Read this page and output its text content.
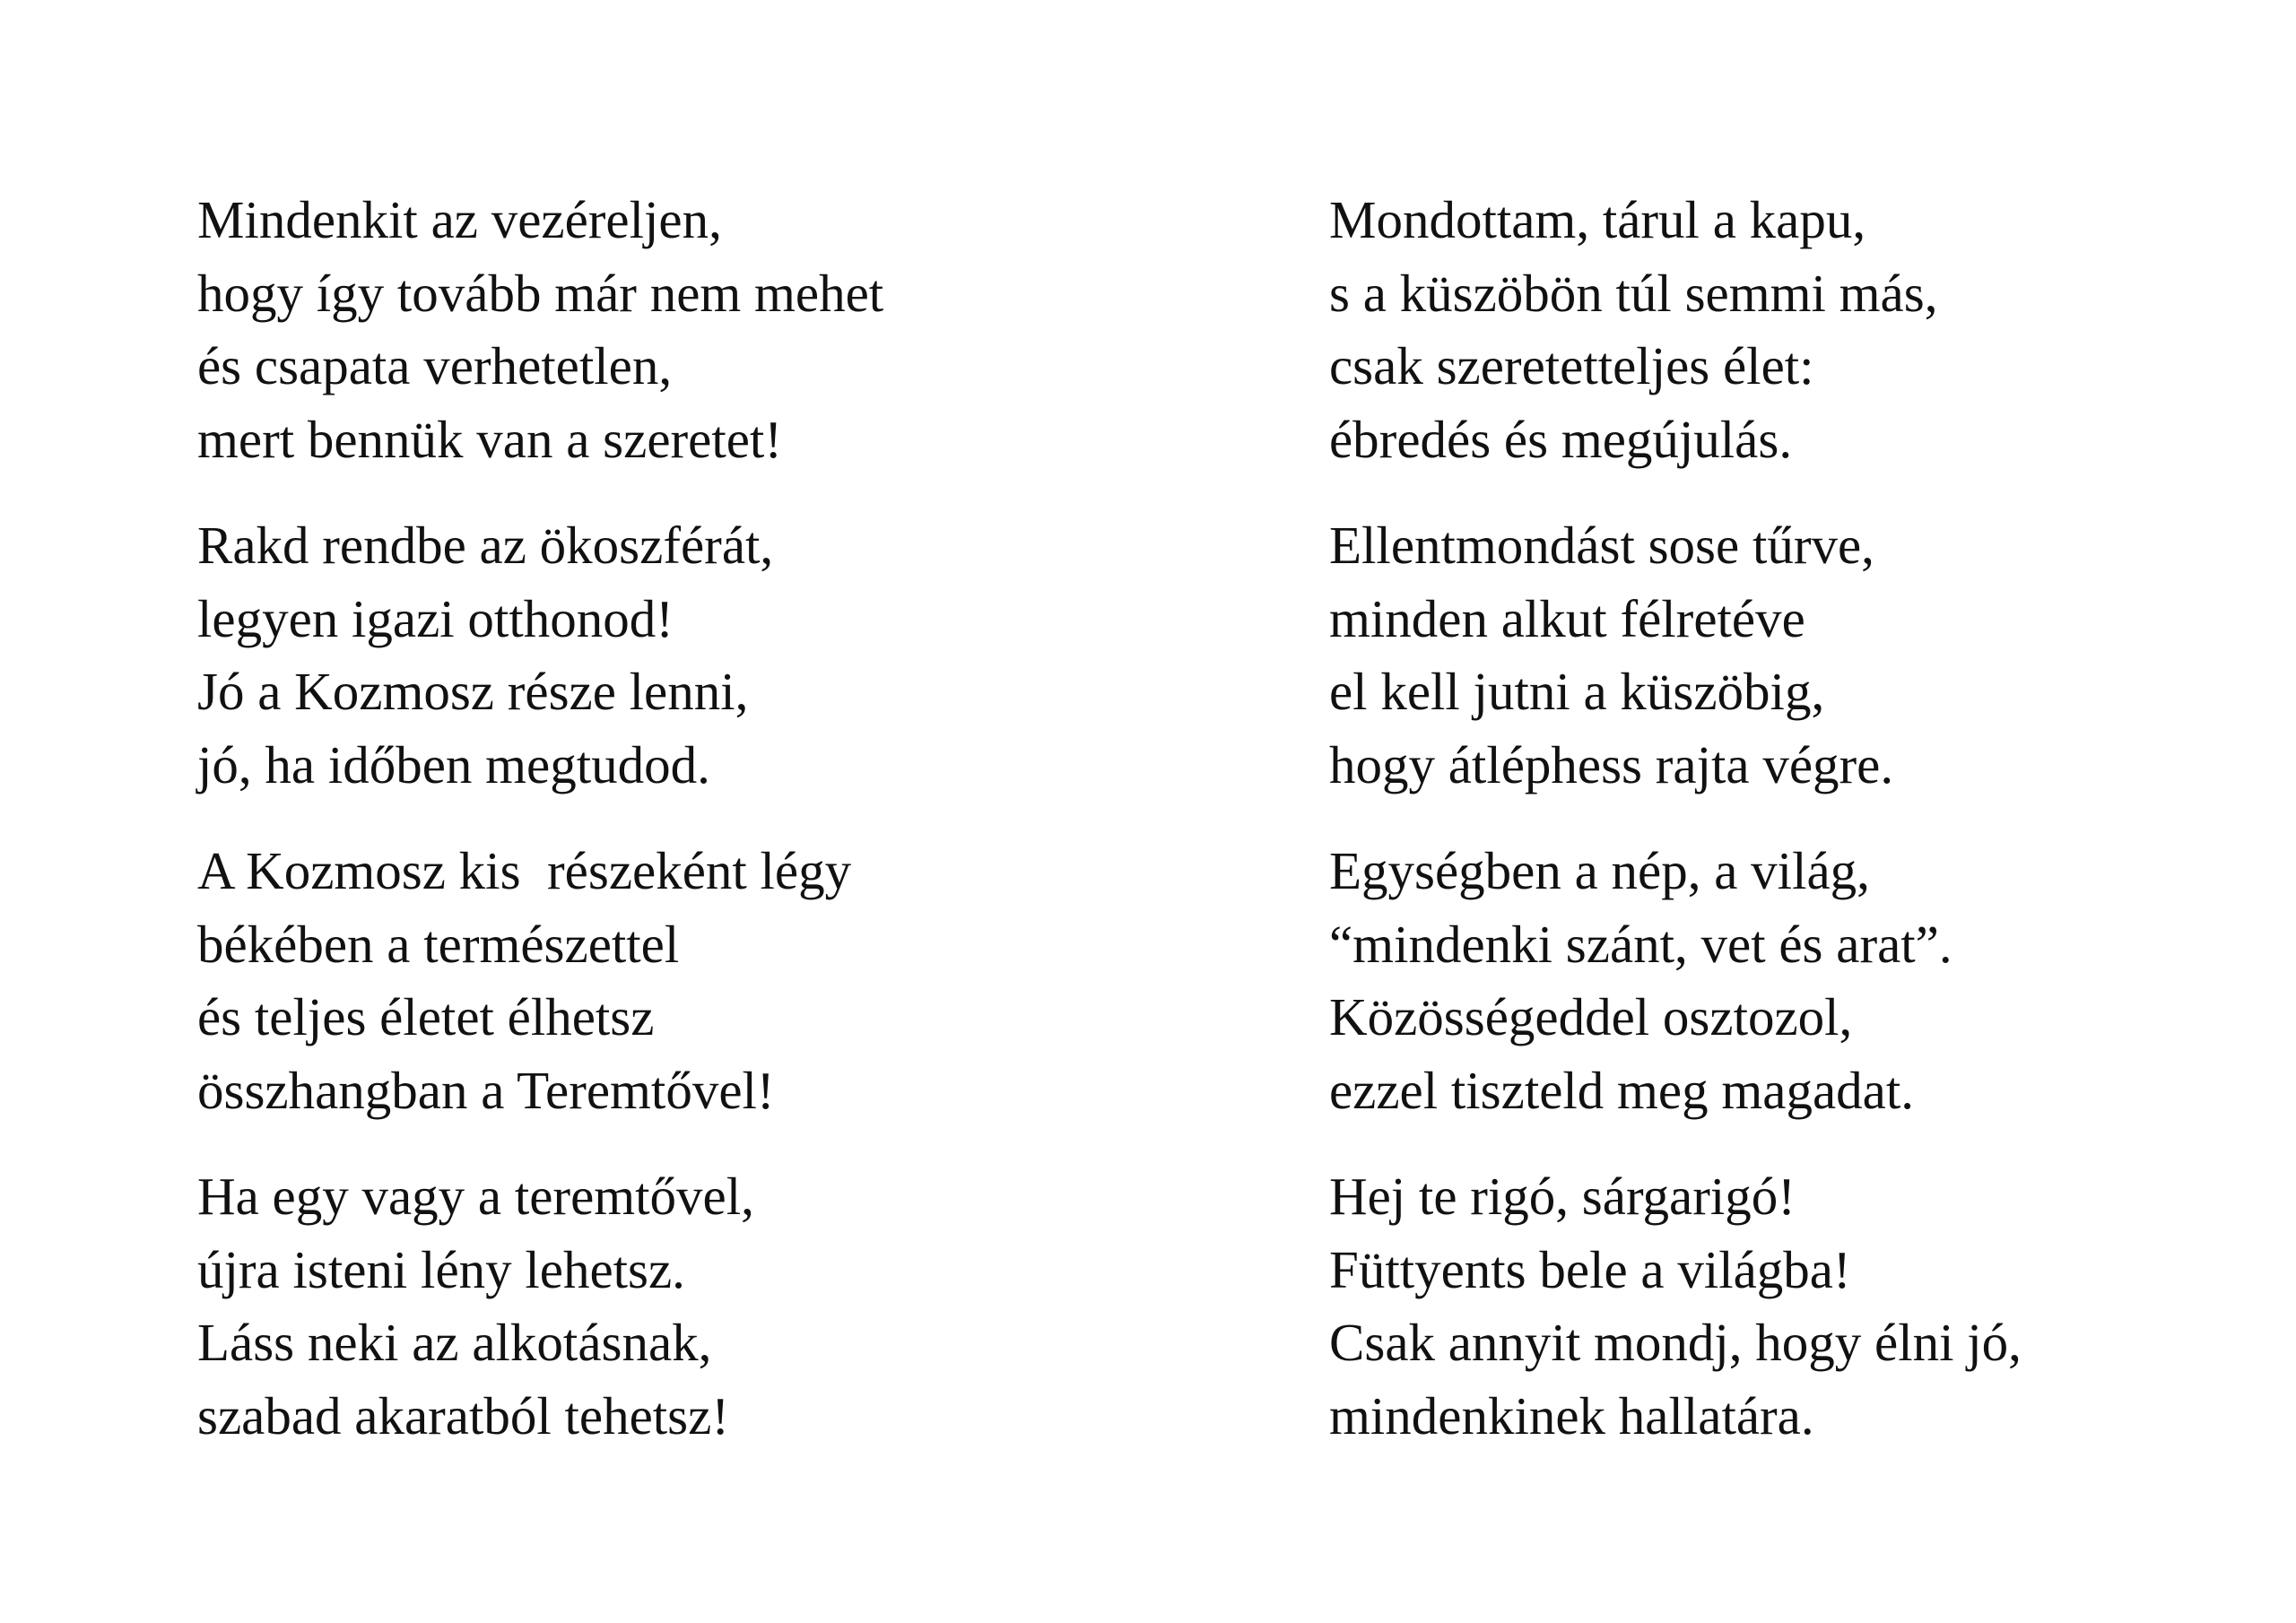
Mindenkit az vezéreljen,
hogy így tovább már nem mehet
és csapata verhetetlen,
mert bennük van a szeretet!
Rakd rendbe az ökoszférát,
legyen igazi otthonod!
Jó a Kozmosz része lenni,
jó, ha időben megtudod.
A Kozmosz kis  részeként légy
békében a természettel
és teljes életet élhetsz
összhangban a Teremtővel!
Ha egy vagy a teremtővel,
újra isteni lény lehetsz.
Láss neki az alkotásnak,
szabad akaratból tehetsz!
Mondottam, tárul a kapu,
s a küszöbön túl semmi más,
csak szeretetteljes élet:
ébredés és megújulás.
Ellentmondást sose tűrve,
minden alkut félretéve
el kell jutni a küszöbig,
hogy átléphess rajta végre.
Egységben a nép, a világ,
“mindenki szánt, vet és arat”.
Közösségeddel osztozol,
ezzel tiszteld meg magadat.
Hej te rigó, sárgarigó!
Füttyents bele a világba!
Csak annyit mondj, hogy élni jó,
mindenkinek hallatára.
